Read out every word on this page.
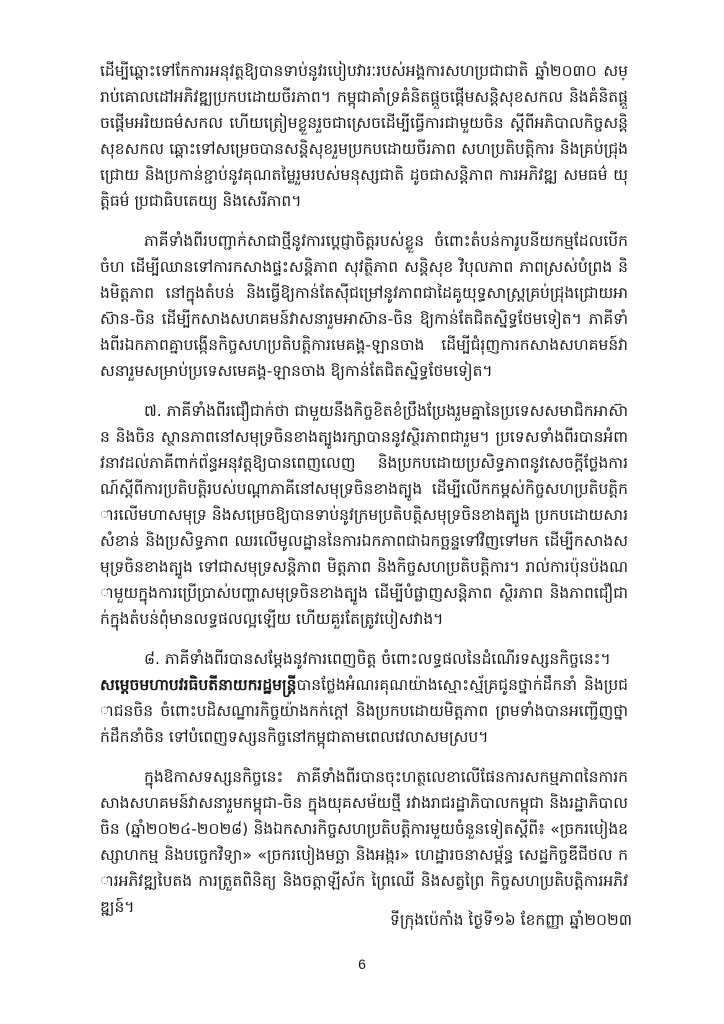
ដើម្បីឆ្ពោះទៅកែការអនុវត្តឱ្យបានទាប់នូវរបៀបវារៈរបស់អង្គការសហប្រជាជាតិ ឆ្នាំ២០៣០ សម្រាប់គោលដៅអភិវឌ្ឍប្រកបដោយចីរភាព។ កម្ពុជាគាំទ្រគំនិតផ្តួចផ្តើមសន្តិសុខសកល និងគំនិតផ្តួចផ្តើមអរិយធម៌សកល ហើយត្រៀមខ្លួនរួចជាស្រេចដើម្បីធ្វើការជាមួយចិន ស្តីពីអភិបាលកិច្ចសន្តិសុខសកល ឆ្ពោះទៅសម្រេចបានសន្តិសុខរួមប្រកបដោយចីរភាព សហប្រតិបត្តិការ និងគ្រប់ជ្រុងជ្រោយ និងប្រកាន់ខ្ជាប់នូវគុណតម្លៃរួមរបស់មនុស្សជាតិ ដូចជាសន្តិភាព ការអភិវឌ្ឍ សមធម៌ យុត្តិធម៌ ប្រជាធិបតេយ្យ និងសេរីភាព។

ភាគីទាំងពីរបញ្ជាក់សាជាថ្មីនូវការប្តេជ្ញាចិត្តរបស់ខ្លួន ចំពោះតំបន់ការូបនីយកម្មដែលបើកចំហ ដើម្បីឈានទៅការកសាងផ្ទះសន្តិភាព សុវត្ថិភាព សន្តិសុខ វិបុលភាព ភាពស្រស់បំព្រង និងមិត្តភាព នៅក្នុងតំបន់ និងធ្វើឱ្យកាន់តែស៊ីជម្រៅនូវភាពជាដៃគូយុទ្ធសាស្ត្រគ្រប់ជ្រុងជ្រោយអាស៊ាន-ចិន ដើម្បីកសាងសហគមន៍វាសនារួមអាស៊ាន-ចិន ឱ្យកាន់តែជិតស្និទ្ធថែមទៀត។ ភាគីទាំងពីរឯកភាពគ្នាបង្កើនកិច្ចសហប្រតិបត្តិការមេគង្គ-ឡានចាង ដើម្បីជំរុញការកសាងសហគមន៍វាសនារួមសម្រាប់ប្រទេសមេគង្គ-ឡានចាង ឱ្យកាន់តែជិតស្និទ្ធថែមទៀត។

៧. ភាគីទាំងពីរជឿជាក់ថា ជាមួយនឹងកិច្ចខិតខំប្រឹងប្រែងរួមគ្នានៃប្រទេសសមាជិកអាស៊ាន និងចិន ស្ថានភាពនៅសមុទ្រចិនខាងត្បូងរក្សាបាននូវស្ថិរភាពជារួម។ ប្រទេសទាំងពីរបានអំពាវនាវដល់ភាគីពាក់ព័ន្ធអនុវត្តឱ្យបានពេញលេញ និងប្រកបដោយប្រសិទ្ធភាពនូវសេចក្តីថ្លែងការណ៍ស្តីពីការប្រតិបត្តិរបស់បណ្តាភាគីនៅសមុទ្រចិនខាងត្បូង ដើម្បីលើកកម្ពស់កិច្ចសហប្រតិបត្តិការលើមហាសមុទ្រ និងសម្រេចឱ្យបានទាប់នូវក្រមប្រតិបត្តិសមុទ្រចិនខាងត្បូង ប្រកបដោយសារសំខាន់ និងប្រសិទ្ធភាព ឈរលើមូលដ្ឋាននៃការឯកភាពជាឯកច្ឆន្ទទៅវិញទៅមក ដើម្បីកសាងសមុទ្រចិនខាងត្បូង ទៅជាសមុទ្រសន្តិភាព មិត្តភាព និងកិច្ចសហប្រតិបត្តិការ។ រាល់ការប៉ុនប៉ងណាមួយក្នុងការប្រើប្រាស់បញ្ហាសមុទ្រចិនខាងត្បូង ដើម្បីបំផ្លាញសន្តិភាព ស្ថិរភាព និងភាពជឿជាក់ក្នុងតំបន់ពុំមានលទ្ធផលល្អឡើយ ហើយគួរតែត្រូវបៀសវាង។

៨. ភាគីទាំងពីរបានសម្តែងនូវការពេញចិត្ត ចំពោះលទ្ធផលនៃដំណើរទស្សនកិច្ចនេះ។

សម្តេចមហាបវរធិបតីនាយករដ្ឋមន្ត្រីបានថ្លែងអំណរគុណយ៉ាងស្មោះស្ម័គ្រជូនថ្នាក់ដឹកនាំ និងប្រជាជនចិន ចំពោះបដិសណ្ឋារកិច្ចយ៉ាងកក់ក្តៅ និងប្រកបដោយមិត្តភាព ព្រមទាំងបានអញ្ជើញថ្នាក់ដឹកនាំចិន ទៅបំពេញទស្សនកិច្ចនៅកម្ពុជាតាមពេលវេលាសមស្រប។

ក្នុងឱកាសទស្សនកិច្ចនេះ ភាគីទាំងពីរបានចុះហត្ថលេខាលើផែនការសកម្មភាពនៃការកសាងសហគមន៍វាសនារួមកម្ពុជា-ចិន ក្នុងយុគសម័យថ្មី រវាងរាជរដ្ឋាភិបាលកម្ពុជា និងរដ្ឋាភិបាលចិន (ឆ្នាំ២០២៤-២០២៨) និងឯកសារកិច្ចសហប្រតិបត្តិការមួយចំនួនទៀតស្តីពី៖ «ច្រករបៀងឧស្សាហកម្ម និងបច្ចេកវិទ្យា» «ច្រករបៀងមច្ឆា និងអង្ករ» ហេដ្ឋារចនាសម្ព័ន្ធ សេដ្ឋកិច្ចឌីជីថល ការអភិវឌ្ឍបៃតង ការត្រួតពិនិត្យ និងចត្តាឡីស័ក ព្រៃឈើ និងសត្វព្រៃ កិច្ចសហប្រតិបត្តិការអភិវឌ្ឍន៍។

ទីក្រុងប៉េកាំង ថ្ងៃទី១៦ ខែកញ្ញា ឆ្នាំ២០២៣
6
